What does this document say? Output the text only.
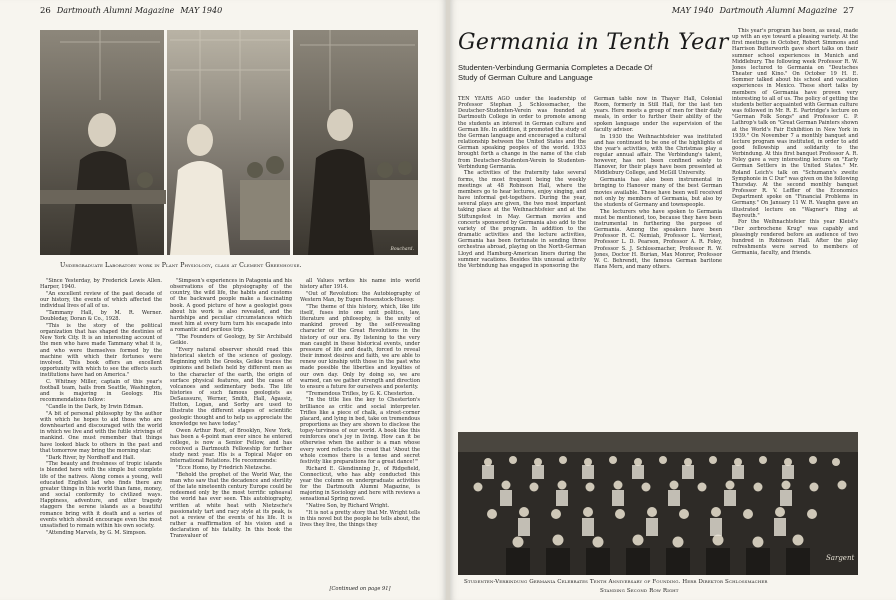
26 Dartmouth Alumni Magazine MAY 1940
Bouchard.
Undergraduate Laboratory work in Plant Physiology, class at Clement Greenhouse.

"Since Yesterday, by Frederick Lewis Allen. Harper, 1940.

"An excellent review of the past decade of our history, the events of which affected the individual lives of all of us.

"Tammany Hall, by M. R. Werner. Doubleday, Doran & Co., 1928.

"This is the story of the political organization that has shaped the destinies of New York City. It is an interesting account of the men who have made Tammany what it is, and who were themselves formed by the machine with which their fortunes were involved. This book offers an excellent opportunity with which to see the effects such institutions have had on America."

C. Whitney Miller, captain of this year's football team, hails from Seattle, Washington, and is majoring in Geology. His recommendations follow:

"Candle in the Dark, by Irwin Edman.

"A bit of personal philosophy by the author with which he hopes to aid those who are downhearted and discouraged with the world in which we live and with the futile strivings of mankind. One must remember that things have looked black to others in the past and that tomorrow may bring the morning star.

"Dark River, by Nordhoff and Hall.

"The beauty and freshness of tropic islands is blended here with the simple but complete life of the natives. Along comes a young, well educated English lad who finds there are greater things in this world than fame, money, and social conformity to civilized ways. Happiness, adventure, and utter tragedy staggers the serene islands as a beautiful romance bring with it death and a series of events which should encourage even the most unsatisfied to remain within his own society.

"Attending Marvels, by G. M. Simpson.

"Simpson's experiences in Patagonia and his observations of the physiography of the country, the wild life, the habits and customs of the backward people make a fascinating book. A good picture of how a geologist goes about his work is also revealed, and the hardships and peculiar circumstances which meet him at every turn turn his escapade into a romantic and perilous trip.

"The Founders of Geology, by Sir Archibald Geikie.

"Every natural observer should read this historical sketch of the science of geology. Beginning with the Greeks, Geikie traces the opinions and beliefs held by different men as to the character of the earth, the origin of surface physical features, and the cause of volcanoes and sedimentary beds. The life histories of such famous geologists as DeSaussure, Werner, Smith, Hall, Agassiz, Hutton, Logan, and Sorby are used to illustrate the different stages of scientific geologic thought and to help us appreciate the knowledge we have today."

Owen Arthur Root, of Brooklyn, New York, has been a 4-point man ever since he entered college, is now a Senior Fellow, and has received a Dartmouth Fellowship for further study next year. His is a Topical Major on International Relations. He recommends:

"Ecce Homo, by Friedrich Nietzsche.

"Behold the prophet of the World War, the man who saw that the decadence and sterility of the late nineteenth century Europe could be redeemed only by the most terrific upheaval the world has ever seen. This autobiography, written at white heat with Nietzsche's passionately tart and racy style at its peak, is not a review of the events of his life. It is rather a reaffirmation of his vision and a declaration of his fatality. In this book the Transvaluer of

all Values writes his name into world history after 1914.

"Out of Revolution: the Autobiography of Western Man, by Eugen Rosenstock-Huessy.

"The theme of this history, which, like life itself, fuses into one unit politics, law, literature and philosophy, is the unity of mankind proved by the self-revealing character of the Great Revolutions in the history of our era. By listening to the very man caught in these historical events, under pressure of life and death, forced to reveal their inmost desires and faith, we are able to renew our kinship with those in the past who made possible the liberties and loyalties of our own day. Only by doing so, we are warned, can we gather strength and direction to ensure a future for ourselves and posterity.

"Tremendous Trifles, by G. K. Chesterton.

"In the title lies the key to Chesterton's brilliance as critic and social interpreter. Trifles like a piece of chalk, a street-corner placard, and lying in bed, take on tremendous proportions as they are shown to disclose the topsy-turviness of our world. A book like this reinforces one's joy in living. How can it be otherwise when the author is a man whose every word reflects the creed that 'About the whole cosmos there is a tense and secret festivity like preparations for a great dance!'"

Richard E. Glendinning Jr., of Ridgefield, Connecticut, who has ably conducted this year the column on undergraduate activities for the Dartmouth Alumni Magazine, is majoring in Sociology and here with reviews a sensational Spring novel.

"Native Son, by Richard Wright.

"It is not a pretty story that Mr. Wright tells in this novel but the people he tells about, the lives they live, the things they

[Continued on page 91]
MAY 1940 Dartmouth Alumni Magazine 27
Germania in Tenth Year
Studenten-Verbindung Germania Completes a Decade Of Study of German Culture and Language

TEN YEARS AGO under the leadership of Professor Stephan J. Schlossmacher, the Deutscher-Studenten-Verein was founded at Dartmouth College in order to promote among the students an interest in German culture and German life. In addition, it promoted the study of the German language and encouraged a cultural relationship between the United States and the German speaking peoples of the world. 1933 brought forth a change in the name of the club from Deutscher-Studenten-Verein to Studenten-Verbindung Germania.

The activities of the fraternity take several forms, the most frequent being the weekly meetings at 48 Robinson Hall, where the members go to hear lectures, enjoy singing, and have informal get-togethers. During the year, several plays are given, the two most important taking place at the Weihnachtsfeier and at the Stiftungsfest in May. German movies and concerts sponsored by Germania also add to the variety of the program. In addition to the dramatic activities and the lecture activities, Germania has been fortunate in sending three orchestras abroad, playing on the North-German Lloyd and Hamburg-American liners during the summer vacations. Besides this unusual activity the Verbindung has engaged in sponsoring the

German table now in Thayer Hall, Colonial Room, formerly in Still Hall, for the last ten years. Here meets a group of men for their daily meals, in order to further their ability of the spoken language under the supervision of the faculty advisor.

In 1930 the Weihnachtsfeier was instituted and has continued to be one of the highlights of the year's activities, with the Christmas play a regular annual affair. The Verbindung's talent, however, has not been confined solely to Hanover, for their plays have been presented at Middlebury College, and McGill University.

Germania has also been instrumental in bringing to Hanover many of the best German movies available. These have been well received not only by members of Germania, but also by the students of Germany and townspeople.

The lecturers who have spoken to Germania must be mentioned, too, because they have been instrumental in furthering the purpose of Germania. Among the speakers have been Professor R. C. Nemiah, Professor L. Verriest, Professor L. D. Pearson, Professor A. R. Foley, Professor S. J. Schlossmacher, Professor R. W. Jones, Doctor H. Burian, Max Monror, Professor W. C. Behrendt, the famous German baritone Hans Merx, and many others.

This year's program has been, as usual, made up with an eye toward a pleasing variety. At the first meetings in October, Robert Simmons and Harrison Butterworth gave short talks on their summer school experiences in Munich and Middlebury. The following week Professor R. W. Jones lectured to Germania on "Deutsches Theater und Kino." On October 19 H. E. Sommer talked about his school and vacation experiences in Mexico. These short talks by members of Germania have proven very interesting to all of us. The policy of getting the students better acquainted with German culture was followed in Mr. R. E. Partridge's lecture on "German Folk Songs" and Professor C. P. Lathrop's talk on "Great German Painters shown at the World's Fair Exhibition in New York in 1939." On November 7 a monthly banquet and lecture program was instituted, in order to add good fellowship and solidarity to the Verbindung. At this first banquet Professor A. R. Foley gave a very interesting lecture on "Early German Settlers in the United States." Mr. Roland Leich's talk on "Schumann's zweite Symphonie in C Dur" was given on the following Thursday. At the second monthly banquet Professor R. V. Leffler of the Economics Department spoke on "Financial Problems in Germany." On January 11 W. R. Vaughn gave an illustrated lecture on "Wagner's Ring at Bayreuth."

For the Weihnachtsfeier this year Kleist's "Der zerbrochene Krug" was capably and pleasingly rendered before an audience of two hundred in Robinson Hall. After the play refreshments were served to members of Germania, faculty, and friends.

Sargent
Studenten-Verbindung Germania Celebrates Tenth Anniversary of Founding. Herr Direktor Schlossmacher
Standing Second Row Right
